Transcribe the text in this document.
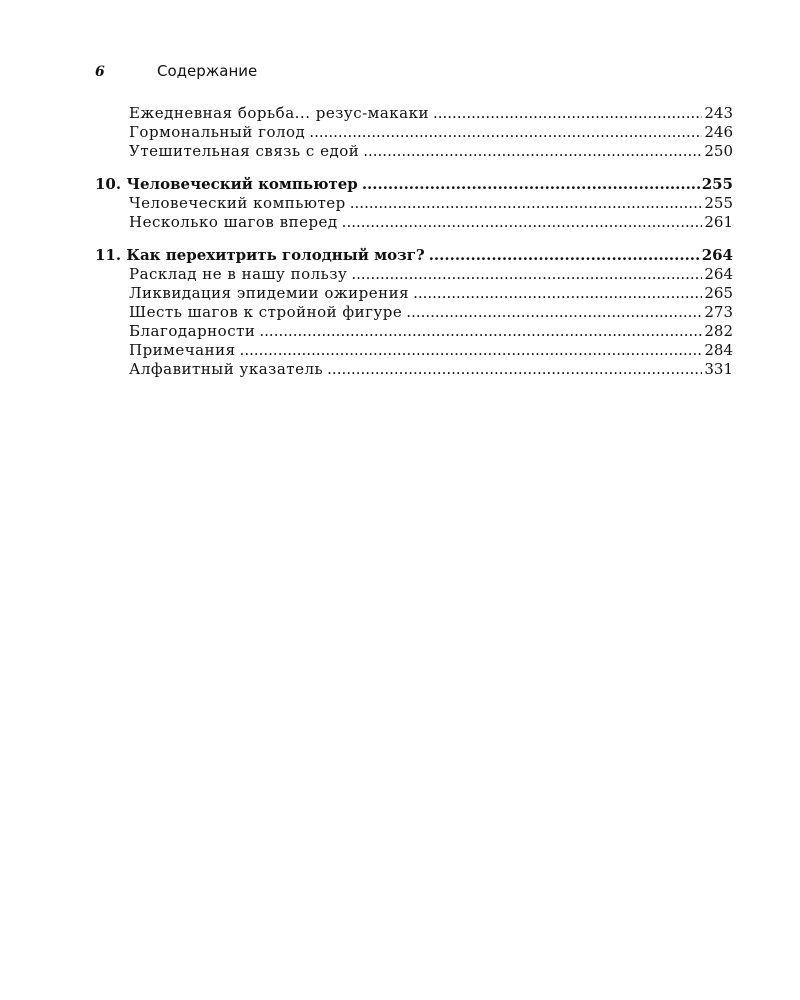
6	Содержание
Ежедневная борьба... резус-макаки .....	243
Гормональный голод .....	246
Утешительная связь с едой .....	250
10. Человеческий компьютер .....	255
Человеческий компьютер .....	255
Несколько шагов вперед .....	261
11. Как перехитрить голодный мозг? .....	264
Расклад не в нашу пользу .....	264
Ликвидация эпидемии ожирения .....	265
Шесть шагов к стройной фигуре .....	273
Благодарности .....	282
Примечания .....	284
Алфавитный указатель .....	331
